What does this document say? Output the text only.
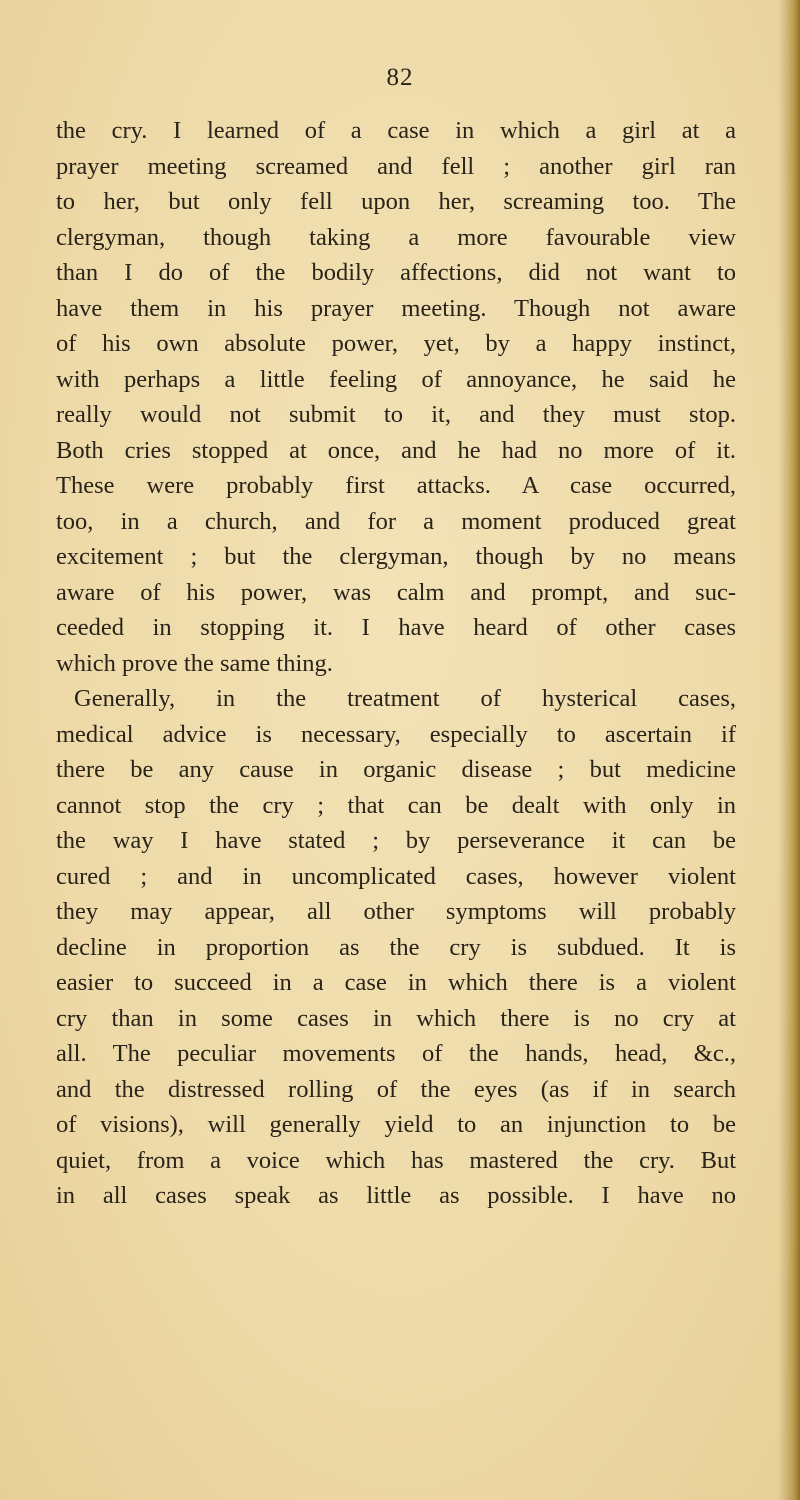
82
the cry. I learned of a case in which a girl at a
prayer meeting screamed and fell ; another girl ran
to her, but only fell upon her, screaming too. The
clergyman, though taking a more favourable view
than I do of the bodily affections, did not want to
have them in his prayer meeting. Though not aware
of his own absolute power, yet, by a happy instinct,
with perhaps a little feeling of annoyance, he said he
really would not submit to it, and they must stop.
Both cries stopped at once, and he had no more of it.
These were probably first attacks. A case occurred,
too, in a church, and for a moment produced great
excitement ; but the clergyman, though by no means
aware of his power, was calm and prompt, and suc-
ceeded in stopping it. I have heard of other cases
which prove the same thing.
Generally, in the treatment of hysterical cases,
medical advice is necessary, especially to ascertain if
there be any cause in organic disease ; but medicine
cannot stop the cry ; that can be dealt with only in
the way I have stated ; by perseverance it can be
cured ; and in uncomplicated cases, however violent
they may appear, all other symptoms will probably
decline in proportion as the cry is subdued. It is
easier to succeed in a case in which there is a violent
cry than in some cases in which there is no cry at
all. The peculiar movements of the hands, head, &c.,
and the distressed rolling of the eyes (as if in search
of visions), will generally yield to an injunction to be
quiet, from a voice which has mastered the cry. But
in all cases speak as little as possible. I have no
